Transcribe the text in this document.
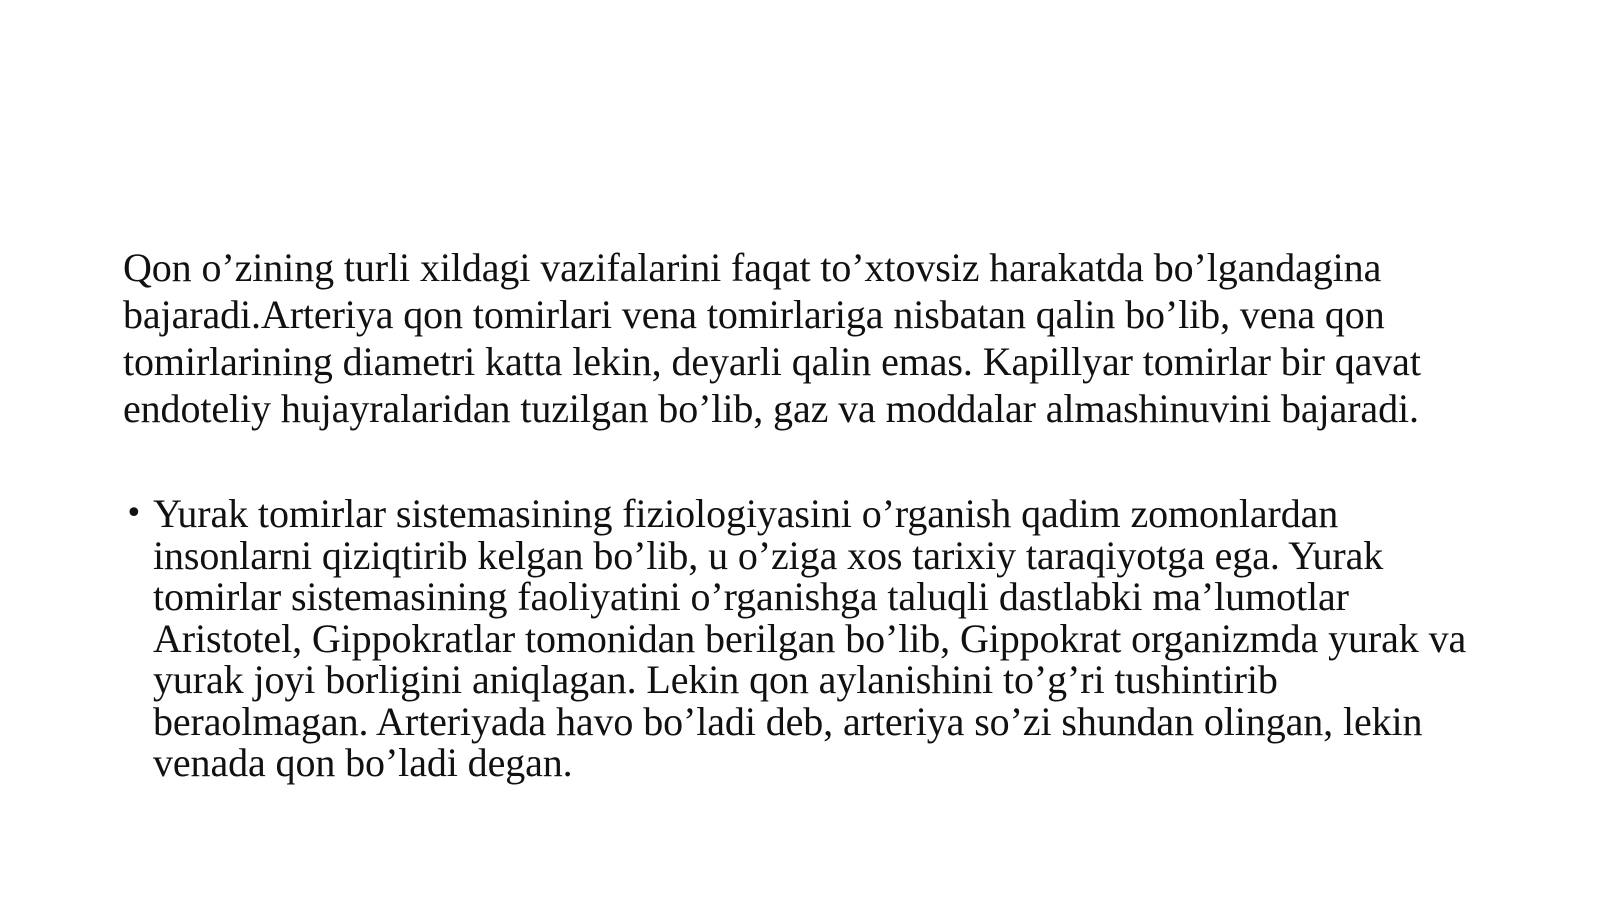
Qon o’zining turli xildagi vazifalarini faqat to’xtovsiz harakatda bo’lgandagina bajaradi.Arteriya qon tomirlari vena tomirlariga nisbatan qalin bo’lib, vena qon tomirlarining diametri katta lekin, deyarli qalin emas. Kapillyar tomirlar bir qavat endoteliy hujayralaridan tuzilgan bo’lib, gaz va moddalar almashinuvini bajaradi.

• Yurak tomirlar sistemasining fiziologiyasini o’rganish qadim zomonlardan insonlarni qiziqtirib kelgan bo’lib, u o’ziga xos tarixiy taraqiyotga ega. Yurak tomirlar sistemasining faoliyatini o’rganishga taluqli dastlabki ma’lumotlar Aristotel, Gippokratlar tomonidan berilgan bo’lib, Gippokrat organizmda yurak va yurak joyi borligini aniqlagan. Lekin qon aylanishini to’g’ri tushintirib beraolmagan. Arteriyada havo bo’ladi deb, arteriya so’zi shundan olingan, lekin venada qon bo’ladi degan.
